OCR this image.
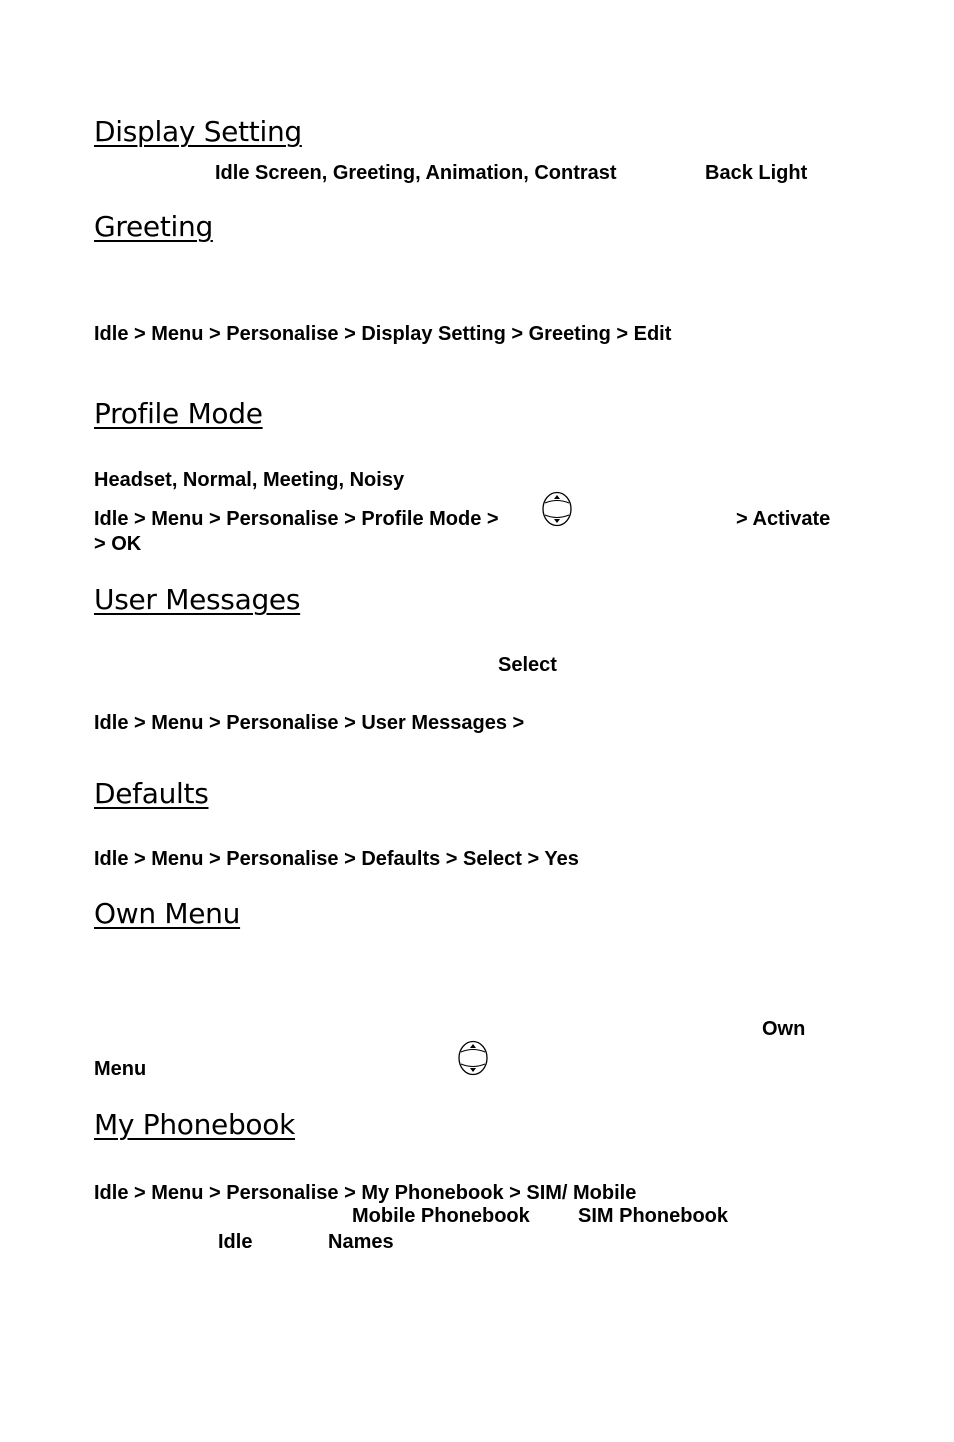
Display Setting
Idle Screen, Greeting, Animation, Contrast	Back Light
Greeting
Idle > Menu > Personalise > Display Setting > Greeting > Edit
Profile Mode
Headset, Normal, Meeting, Noisy
Idle > Menu > Personalise > Profile Mode >	> Activate
> OK
User Messages
Select
Idle > Menu > Personalise > User Messages >
Defaults
Idle > Menu > Personalise > Defaults > Select > Yes
Own Menu
Own
Menu
My Phonebook
Idle > Menu > Personalise > My Phonebook > SIM/ Mobile
Mobile Phonebook SIM Phonebook
Idle	Names
